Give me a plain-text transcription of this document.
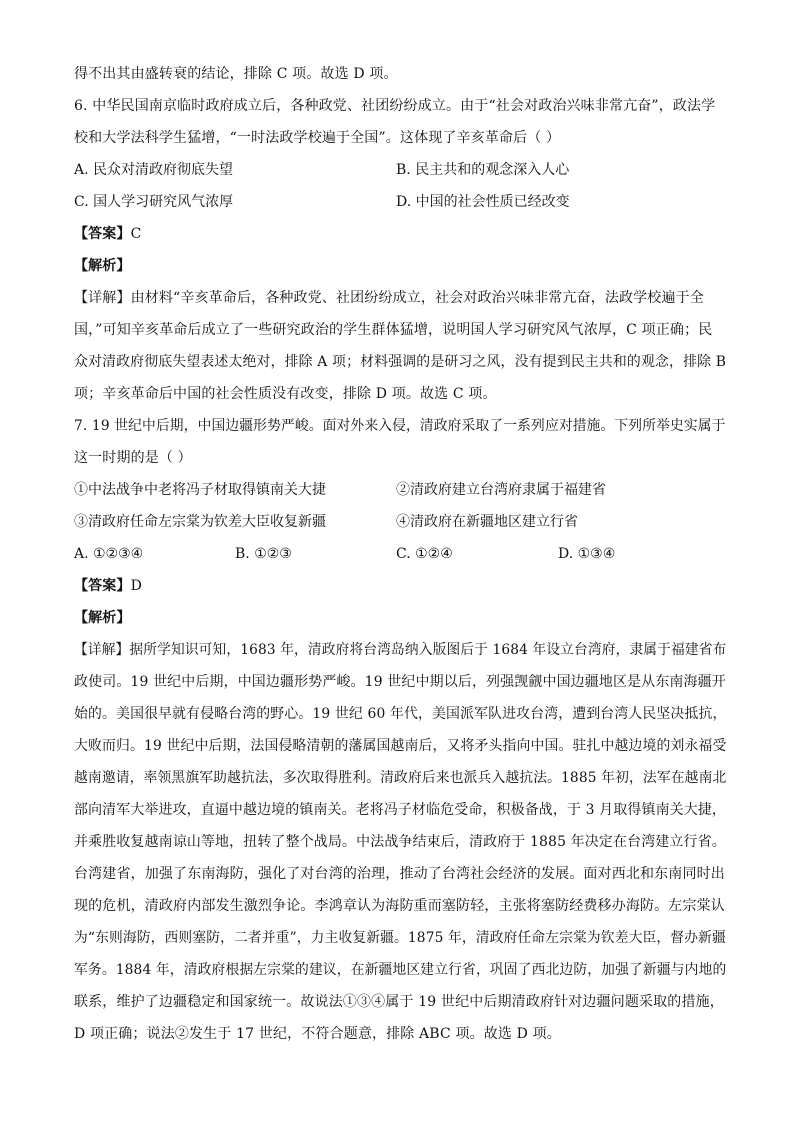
得不出其由盛转衰的结论，排除 C 项。故选 D 项。
6. 中华民国南京临时政府成立后，各种政党、社团纷纷成立。由于“社会对政治兴味非常亢奋”，政法学
校和大学法科学生猛增，“一时法政学校遍于全国”。这体现了辛亥革命后（ ）
A. 民众对清政府彻底失望	B. 民主共和的观念深入人心
C. 国人学习研究风气浓厚	D. 中国的社会性质已经改变
【答案】C
【解析】
【详解】由材料“辛亥革命后，各种政党、社团纷纷成立，社会对政治兴味非常亢奋，法政学校遍于全
国，”可知辛亥革命后成立了一些研究政治的学生群体猛增，说明国人学习研究风气浓厚，C 项正确；民
众对清政府彻底失望表述太绝对，排除 A 项；材料强调的是研习之风，没有提到民主共和的观念，排除 B
项；辛亥革命后中国的社会性质没有改变，排除 D 项。故选 C 项。
7. 19 世纪中后期，中国边疆形势严峻。面对外来入侵，清政府采取了一系列应对措施。下列所举史实属于
这一时期的是（ ）
①中法战争中老将冯子材取得镇南关大捷	②清政府建立台湾府隶属于福建省
③清政府任命左宗棠为钦差大臣收复新疆	④清政府在新疆地区建立行省
A. ①②③④	B. ①②③	C. ①②④	D. ①③④
【答案】D
【解析】
【详解】据所学知识可知，1683 年，清政府将台湾岛纳入版图后于 1684 年设立台湾府，隶属于福建省布
政使司。19 世纪中后期，中国边疆形势严峻。19 世纪中期以后，列强觊觎中国边疆地区是从东南海疆开
始的。美国很早就有侵略台湾的野心。19 世纪 60 年代，美国派军队进攻台湾，遭到台湾人民坚决抵抗，
大败而归。19 世纪中后期，法国侵略清朝的藩属国越南后，又将矛头指向中国。驻扎中越边境的刘永福受
越南邀请，率领黑旗军助越抗法，多次取得胜利。清政府后来也派兵入越抗法。1885 年初，法军在越南北
部向清军大举进攻，直逼中越边境的镇南关。老将冯子材临危受命，积极备战，于 3 月取得镇南关大捷，
并乘胜收复越南谅山等地，扭转了整个战局。中法战争结束后，清政府于 1885 年决定在台湾建立行省。
台湾建省，加强了东南海防，强化了对台湾的治理，推动了台湾社会经济的发展。面对西北和东南同时出
现的危机，清政府内部发生激烈争论。李鸿章认为海防重而塞防轻，主张将塞防经费移办海防。左宗棠认
为“东则海防，西则塞防，二者并重”，力主收复新疆。1875 年，清政府任命左宗棠为钦差大臣，督办新疆
军务。1884 年，清政府根据左宗棠的建议，在新疆地区建立行省，巩固了西北边防，加强了新疆与内地的
联系，维护了边疆稳定和国家统一。故说法①③④属于 19 世纪中后期清政府针对边疆问题采取的措施，
D 项正确；说法②发生于 17 世纪，不符合题意，排除 ABC 项。故选 D 项。
